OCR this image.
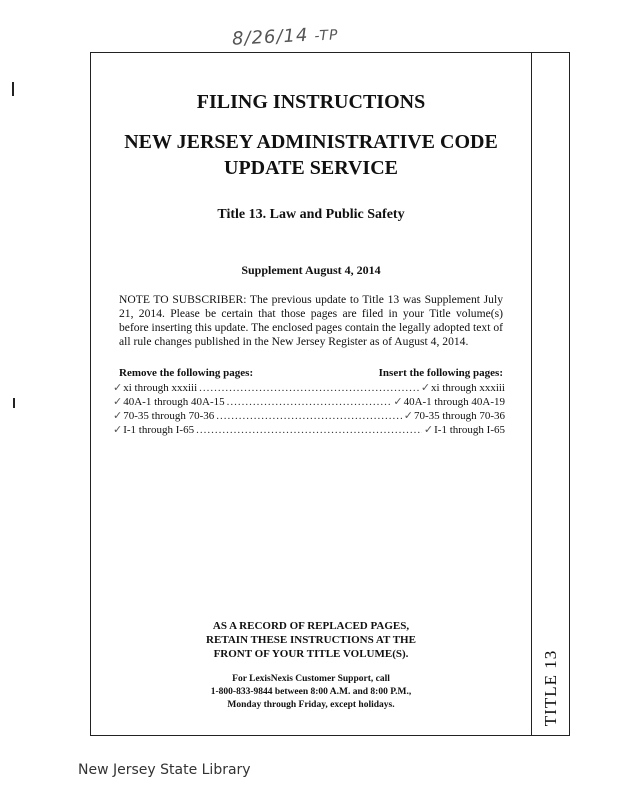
8/26/14 -TP
FILING INSTRUCTIONS
NEW JERSEY ADMINISTRATIVE CODE
UPDATE SERVICE
Title 13. Law and Public Safety
Supplement August 4, 2014
NOTE TO SUBSCRIBER: The previous update to Title 13 was Supplement July 21, 2014. Please be certain that those pages are filed in your Title volume(s) before inserting this update. The enclosed pages contain the legally adopted text of all rule changes published in the New Jersey Register as of August 4, 2014.
Remove the following pages:	Insert the following pages:
✓ xi through xxxiii .....	✓ xi through xxxiii
✓ 40A-1 through 40A-15 .....	✓ 40A-1 through 40A-19
✓ 70-35 through 70-36 .....	✓ 70-35 through 70-36
✓ I-1 through I-65 .....	✓ I-1 through I-65
AS A RECORD OF REPLACED PAGES,
RETAIN THESE INSTRUCTIONS AT THE
FRONT OF YOUR TITLE VOLUME(S).
For LexisNexis Customer Support, call
1-800-833-9844 between 8:00 A.M. and 8:00 P.M.,
Monday through Friday, except holidays.	TITLE 13
New Jersey State Library
